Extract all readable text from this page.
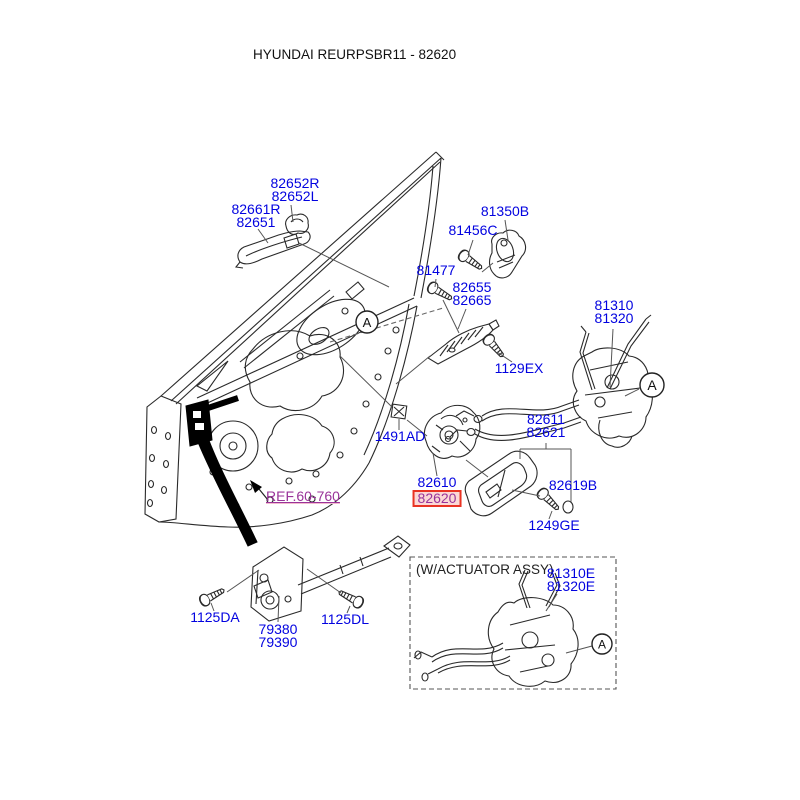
A
A
A
HYUNDAI REURPSBR11 - 82620
82652R
82652L
82661R
82651
81350B
81456C
81477
82655
82665
1129EX
81310
81320
1491AD
82610
82620
82611
82621
82619B
1249GE
REF.60-760
1125DA
79380
79390
1125DL
(W/ACTUATOR ASSY)
81310E
81320E
